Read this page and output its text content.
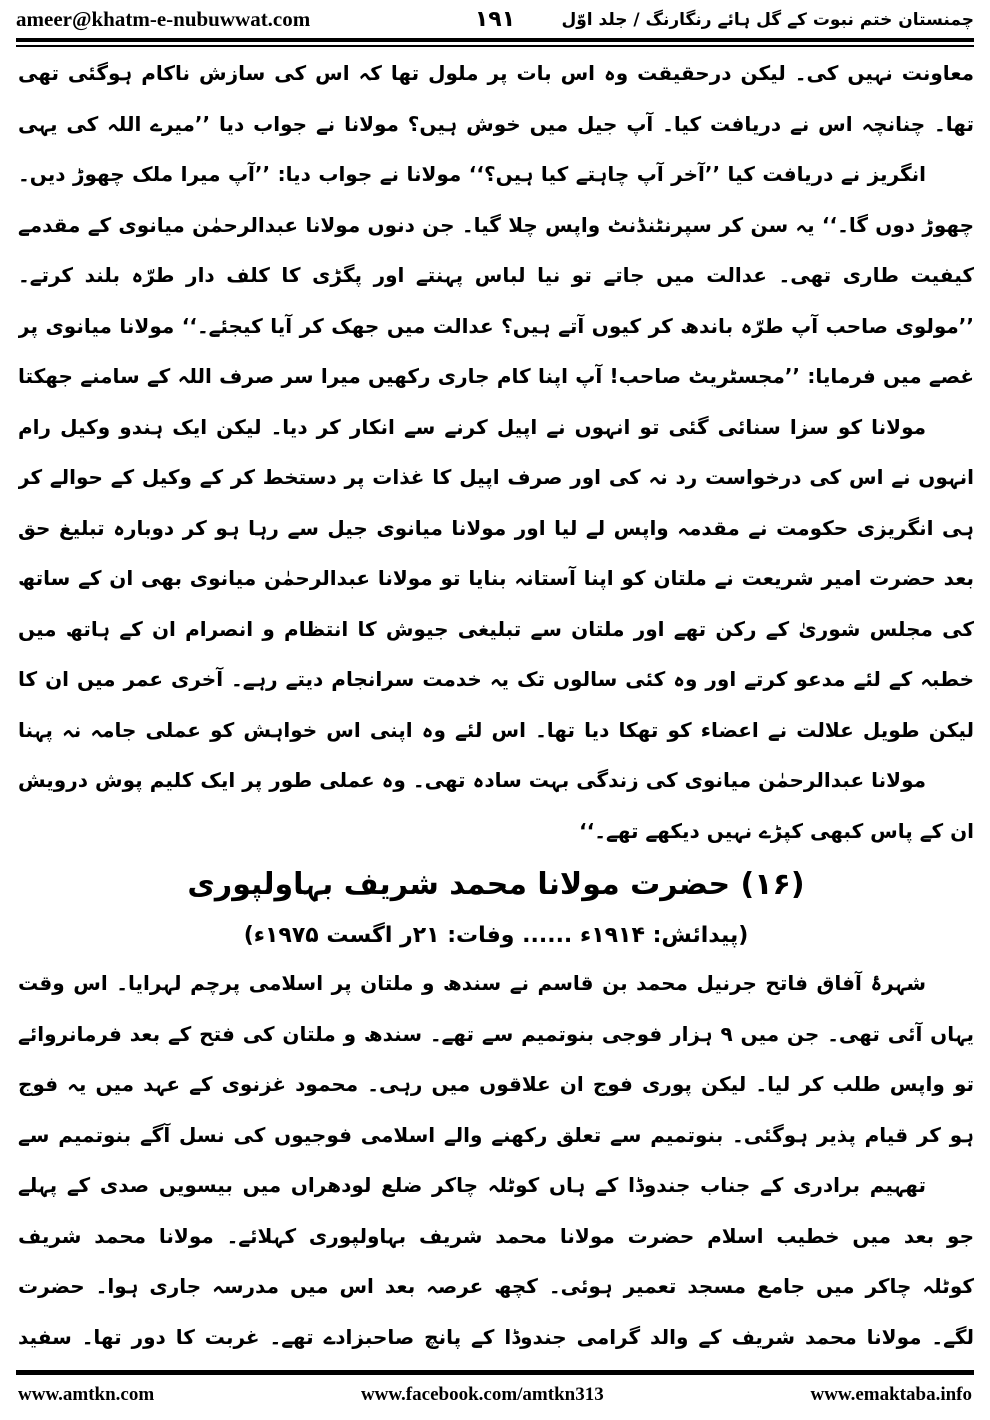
ameer@khatm-e-nubuwwat.com	۱۹۱	چمنستان ختم نبوت کے گل ہائے رنگارنگ / جلد اوّل
معاونت نہیں کی۔ لیکن درحقیقت وہ اس بات پر ملول تھا کہ اس کی سازش ناکام ہوگئی تھی
تھا۔ چنانچہ اس نے دریافت کیا۔ آپ جیل میں خوش ہیں؟ مولانا نے جواب دیا ’’میرے اللہ کی یہی
انگریز نے دریافت کیا ’’آخر آپ چاہتے کیا ہیں؟‘‘ مولانا نے جواب دیا: ’’آپ میرا ملک چھوڑ دیں۔
چھوڑ دوں گا۔‘‘ یہ سن کر سپرنٹنڈنٹ واپس چلا گیا۔ جن دنوں مولانا عبدالرحمٰن میانوی کے مقدمے
کیفیت طاری تھی۔ عدالت میں جاتے تو نیا لباس پہنتے اور پگڑی کا کلف دار طرّہ بلند کرتے۔
’’مولوی صاحب آپ طرّہ باندھ کر کیوں آتے ہیں؟ عدالت میں جھک کر آیا کیجئے۔‘‘ مولانا میانوی پر
غصے میں فرمایا: ’’مجسٹریٹ صاحب! آپ اپنا کام جاری رکھیں میرا سر صرف اللہ کے سامنے جھکتا
مولانا کو سزا سنائی گئی تو انہوں نے اپیل کرنے سے انکار کر دیا۔ لیکن ایک ہندو وکیل رام
انہوں نے اس کی درخواست رد نہ کی اور صرف اپیل کا غذات پر دستخط کر کے وکیل کے حوالے کر
ہی انگریزی حکومت نے مقدمہ واپس لے لیا اور مولانا میانوی جیل سے رہا ہو کر دوبارہ تبلیغ حق
بعد حضرت امیر شریعت نے ملتان کو اپنا آستانہ بنایا تو مولانا عبدالرحمٰن میانوی بھی ان کے ساتھ
کی مجلس شوریٰ کے رکن تھے اور ملتان سے تبلیغی جیوش کا انتظام و انصرام ان کے ہاتھ میں
خطبہ کے لئے مدعو کرتے اور وہ کئی سالوں تک یہ خدمت سرانجام دیتے رہے۔ آخری عمر میں ان کا
لیکن طویل علالت نے اعضاء کو تھکا دیا تھا۔ اس لئے وہ اپنی اس خواہش کو عملی جامہ نہ پہنا
مولانا عبدالرحمٰن میانوی کی زندگی بہت سادہ تھی۔ وہ عملی طور پر ایک کلیم پوش درویش
ان کے پاس کبھی کپڑے نہیں دیکھے تھے۔‘‘
(۱۶) حضرت مولانا محمد شریف بہاولپوری
(پیدائش: ۱۹۱۴ء ...... وفات: ۲۱ر اگست ۱۹۷۵ء)
شہرۂ آفاق فاتح جرنیل محمد بن قاسم نے سندھ و ملتان پر اسلامی پرچم لہرایا۔ اس وقت
یہاں آئی تھی۔ جن میں ۹ ہزار فوجی بنوتمیم سے تھے۔ سندھ و ملتان کی فتح کے بعد فرمانروائے
تو واپس طلب کر لیا۔ لیکن پوری فوج ان علاقوں میں رہی۔ محمود غزنوی کے عہد میں یہ فوج
ہو کر قیام پذیر ہوگئی۔ بنوتمیم سے تعلق رکھنے والے اسلامی فوجیوں کی نسل آگے بنوتمیم سے
تھہیم برادری کے جناب جندوڈا کے ہاں کوٹلہ چاکر ضلع لودھراں میں بیسویں صدی کے پہلے
جو بعد میں خطیب اسلام حضرت مولانا محمد شریف بہاولپوری کہلائے۔ مولانا محمد شریف
کوٹلہ چاکر میں جامع مسجد تعمیر ہوئی۔ کچھ عرصہ بعد اس میں مدرسہ جاری ہوا۔ حضرت
لگے۔ مولانا محمد شریف کے والد گرامی جندوڈا کے پانچ صاحبزادے تھے۔ غربت کا دور تھا۔ سفید
www.amtkn.com	www.facebook.com/amtkn313	www.emaktaba.info
